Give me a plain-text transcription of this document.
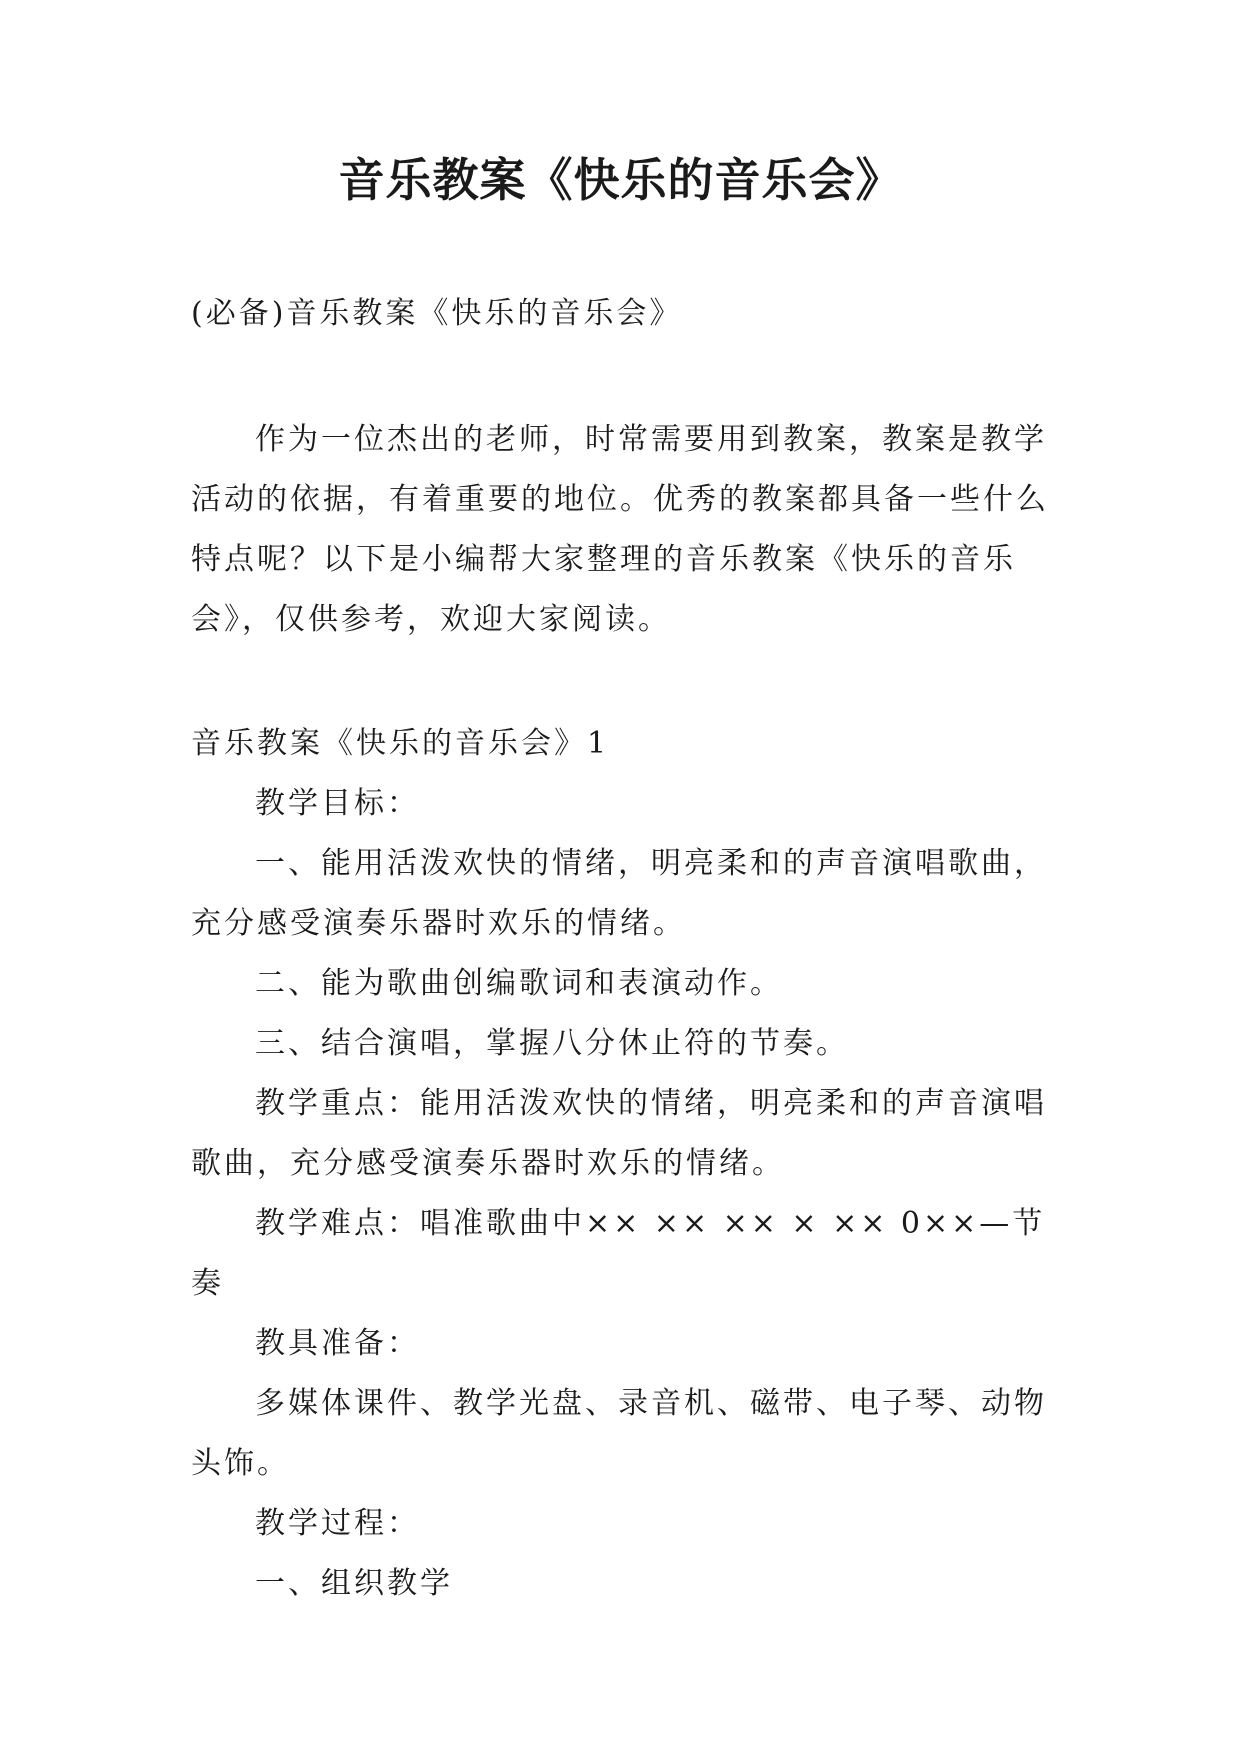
音乐教案《快乐的音乐会》

(必备)音乐教案《快乐的音乐会》

作为一位杰出的老师，时常需要用到教案，教案是教学活动的依据，有着重要的地位。优秀的教案都具备一些什么特点呢？以下是小编帮大家整理的音乐教案《快乐的音乐会》，仅供参考，欢迎大家阅读。

音乐教案《快乐的音乐会》1

教学目标：

一、能用活泼欢快的情绪，明亮柔和的声音演唱歌曲，充分感受演奏乐器时欢乐的情绪。

二、能为歌曲创编歌词和表演动作。

三、结合演唱，掌握八分休止符的节奏。

教学重点：能用活泼欢快的情绪，明亮柔和的声音演唱歌曲，充分感受演奏乐器时欢乐的情绪。

教学难点：唱准歌曲中×× ×× ×× × ×× 0××—节奏

教具准备：

多媒体课件、教学光盘、录音机、磁带、电子琴、动物头饰。

教学过程：

一、组织教学
